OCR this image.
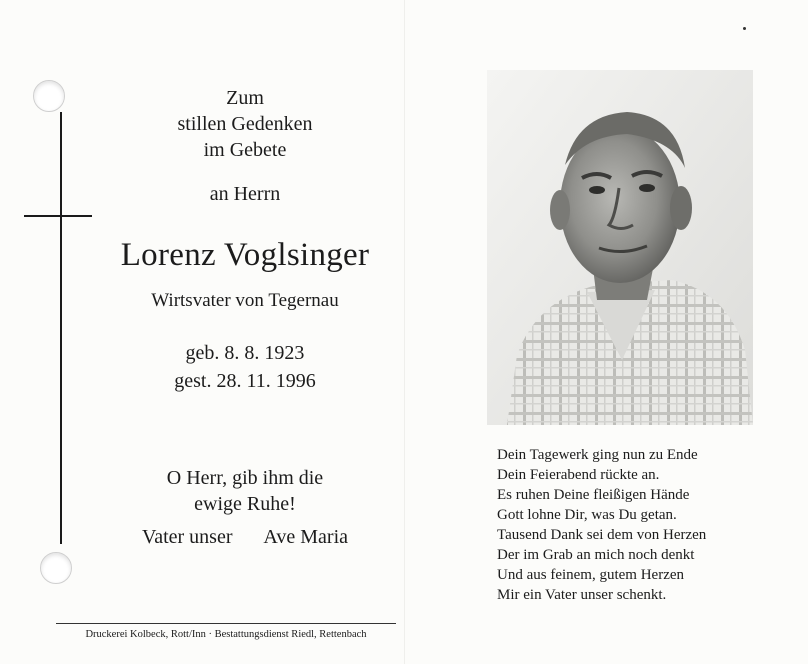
Zum
stillen Gedenken
im Gebete
an Herrn
Lorenz Voglsinger
Wirtsvater von Tegernau
geb. 8. 8. 1923
gest. 28. 11. 1996
O Herr, gib ihm die
ewige Ruhe!
Vater unser Ave Maria
Druckerei Kolbeck, Rott/Inn · Bestattungsdienst Riedl, Rettenbach
Dein Tagewerk ging nun zu Ende
Dein Feierabend rückte an.
Es ruhen Deine fleißigen Hände
Gott lohne Dir, was Du getan.
Tausend Dank sei dem von Herzen
Der im Grab an mich noch denkt
Und aus feinem, gutem Herzen
Mir ein Vater unser schenkt.
